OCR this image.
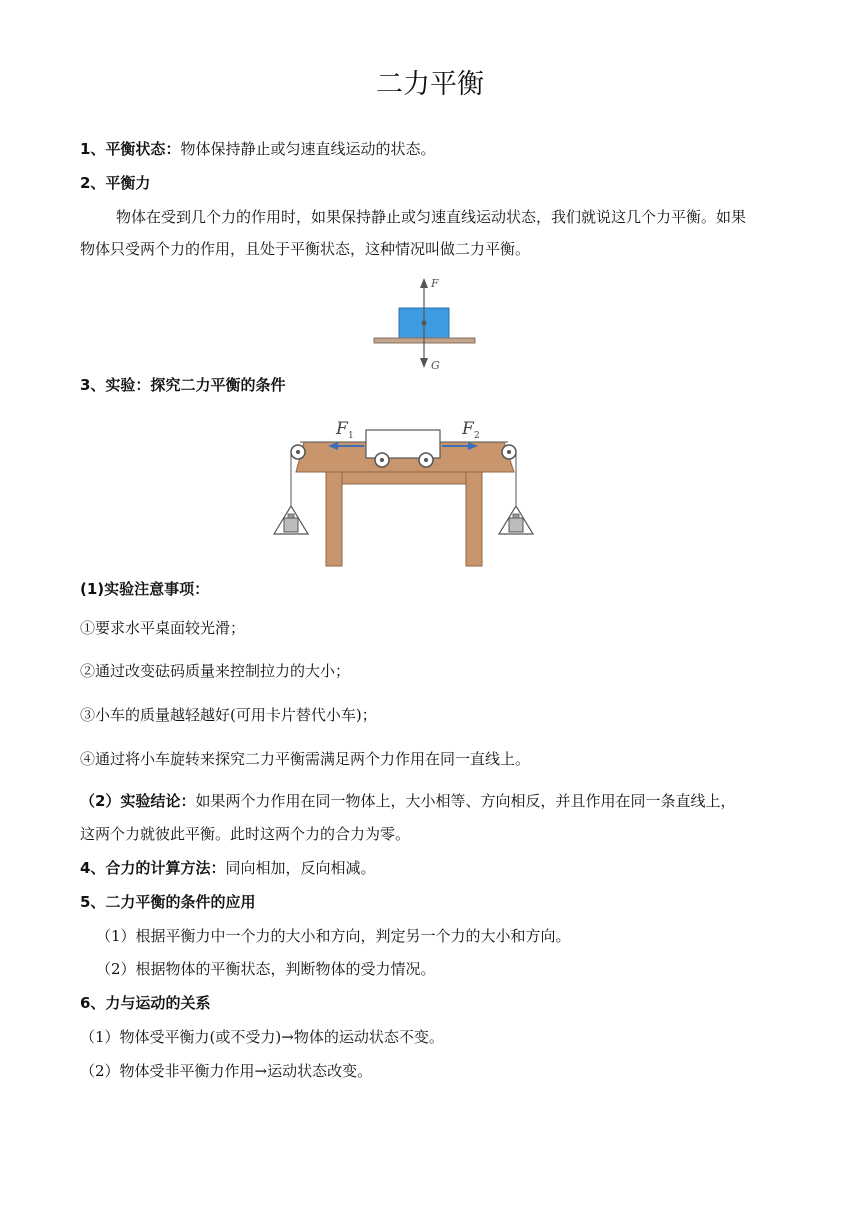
二力平衡
1、平衡状态：物体保持静止或匀速直线运动的状态。
2、平衡力
物体在受到几个力的作用时，如果保持静止或匀速直线运动状态，我们就说这几个力平衡。如果
物体只受两个力的作用，且处于平衡状态，这种情况叫做二力平衡。
F
G
3、实验：探究二力平衡的条件
F 1	F 2
(1)实验注意事项：
①要求水平桌面较光滑；
②通过改变砝码质量来控制拉力的大小；
③小车的质量越轻越好(可用卡片替代小车)；
④通过将小车旋转来探究二力平衡需满足两个力作用在同一直线上。
（2）实验结论：如果两个力作用在同一物体上，大小相等、方向相反，并且作用在同一条直线上，
这两个力就彼此平衡。此时这两个力的合力为零。
4、合力的计算方法：同向相加，反向相减。
5、二力平衡的条件的应用
（1）根据平衡力中一个力的大小和方向，判定另一个力的大小和方向。
（2）根据物体的平衡状态，判断物体的受力情况。
6、力与运动的关系
（1）物体受平衡力(或不受力)→物体的运动状态不变。
（2）物体受非平衡力作用→运动状态改变。
